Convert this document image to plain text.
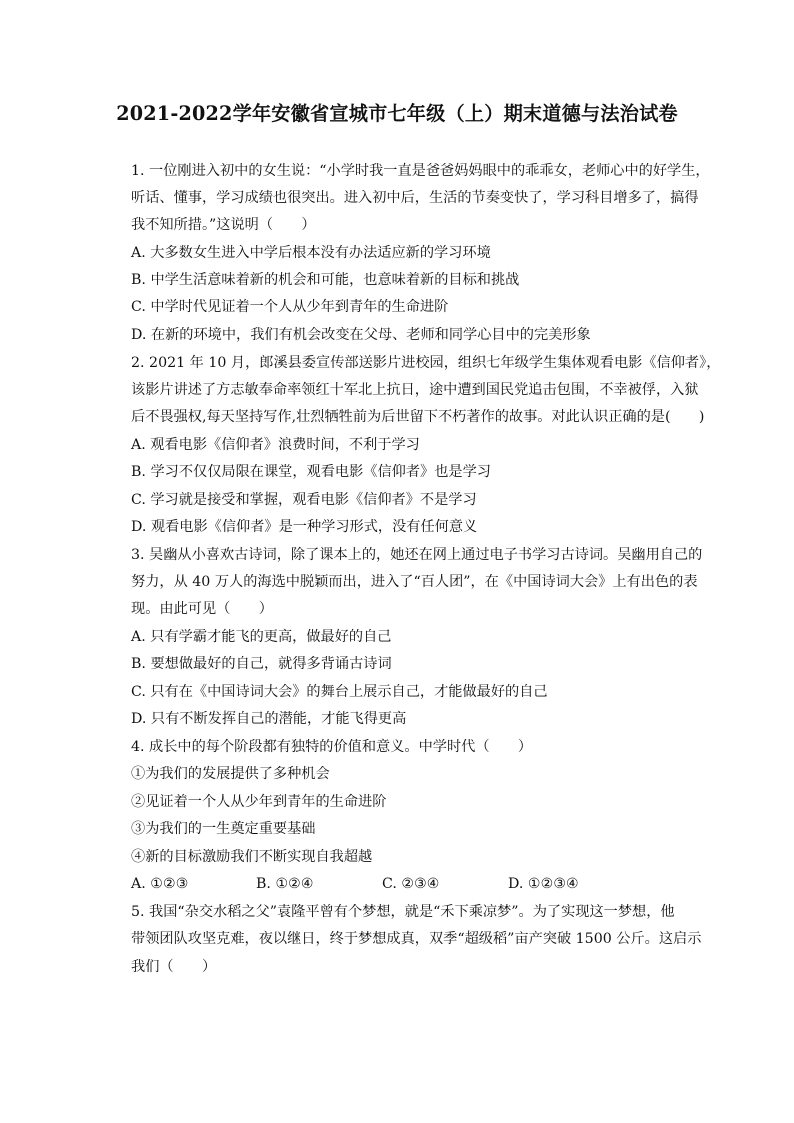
2021-2022学年安徽省宣城市七年级（上）期末道德与法治试卷
1. 一位刚进入初中的女生说：“小学时我一直是爸爸妈妈眼中的乖乖女，老师心中的好学生，
听话、懂事，学习成绩也很突出。进入初中后，生活的节奏变快了，学习科目增多了，搞得
我不知所措。”这说明（　　）
A. 大多数女生进入中学后根本没有办法适应新的学习环境
B. 中学生活意味着新的机会和可能，也意味着新的目标和挑战
C. 中学时代见证着一个人从少年到青年的生命进阶
D. 在新的环境中，我们有机会改变在父母、老师和同学心目中的完美形象
2. 2021 年 10 月，郎溪县委宣传部送影片进校园，组织七年级学生集体观看电影《信仰者》，
该影片讲述了方志敏奉命率领红十军北上抗日，途中遭到国民党追击包围，不幸被俘，入狱
后不畏强权,每天坚持写作,壮烈牺牲前为后世留下不朽著作的故事。对此认识正确的是(　　)
A. 观看电影《信仰者》浪费时间，不利于学习
B. 学习不仅仅局限在课堂，观看电影《信仰者》也是学习
C. 学习就是接受和掌握，观看电影《信仰者》不是学习
D. 观看电影《信仰者》是一种学习形式，没有任何意义
3. 吴幽从小喜欢古诗词，除了课本上的，她还在网上通过电子书学习古诗词。吴幽用自己的
努力，从 40 万人的海选中脱颖而出，进入了“百人团”，在《中国诗词大会》上有出色的表
现。由此可见（　　）
A. 只有学霸才能飞的更高，做最好的自己
B. 要想做最好的自己，就得多背诵古诗词
C. 只有在《中国诗词大会》的舞台上展示自己，才能做最好的自己
D. 只有不断发挥自己的潜能，才能飞得更高
4. 成长中的每个阶段都有独特的价值和意义。中学时代（　　）
①为我们的发展提供了多种机会
②见证着一个人从少年到青年的生命进阶
③为我们的一生奠定重要基础
④新的目标激励我们不断实现自我超越
A. ①②③	B. ①②④	C. ②③④	D. ①②③④
5. 我国“杂交水稻之父”袁隆平曾有个梦想，就是“禾下乘凉梦”。为了实现这一梦想，他
带领团队攻坚克难，夜以继日，终于梦想成真，双季“超级稻”亩产突破 1500 公斤。这启示
我们（　　）
